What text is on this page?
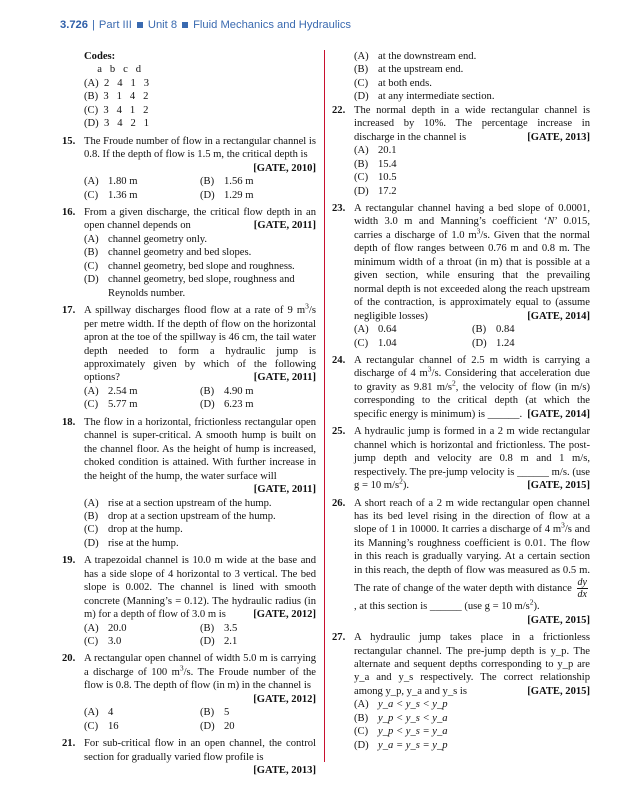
3.726 | Part III Unit 8 Fluid Mechanics and Hydraulics
Codes:
a   b   c   d
(A)  2   4   1   3
(B)  3   1   4   2
(C)  3   4   1   2
(D)  3   4   2   1
15. The Froude number of flow in a rectangular channel is 0.8. If the depth of flow is 1.5 m, the critical depth is
[GATE, 2010]
(A) 1.80 m	(B) 1.56 m
(C) 1.36 m	(D) 1.29 m
16. From a given discharge, the critical flow depth in an open channel depends on	[GATE, 2011]
(A) channel geometry only.
(B) channel geometry and bed slopes.
(C) channel geometry, bed slope and roughness.
(D) channel geometry, bed slope, roughness and
Reynolds number.
17. A spillway discharges flood flow at a rate of 9 $m^3/s$ per metre width. If the depth of flow on the horizontal apron at the toe of the spillway is 46 cm, the tail water depth needed to form a hydraulic jump is approximately given by which of the following options?	[GATE, 2011]
(A) 2.54 m	(B) 4.90 m
(C) 5.77 m	(D) 6.23 m
18. The flow in a horizontal, frictionless rectangular open channel is super-critical. A smooth hump is built on the channel floor. As the height of hump is increased, choked condition is attained. With further increase in the height of the hump, the water surface will
[GATE, 2011]
(A) rise at a section upstream of the hump.
(B) drop at a section upstream of the hump.
(C) drop at the hump.
(D) rise at the hump.
19. A trapezoidal channel is 10.0 m wide at the base and has a side slope of 4 horizontal to 3 vertical. The bed slope is 0.002. The channel is lined with smooth concrete (Manning’s = 0.12). The hydraulic radius (in m) for a depth of flow of 3.0 m is	[GATE, 2012]
(A) 20.0	(B) 3.5
(C) 3.0	(D) 2.1
20. A rectangular open channel of width 5.0 m is carrying a discharge of 100 $m^3/s$. The Froude number of the flow is 0.8. The depth of flow (in m) in the channel is
[GATE, 2012]
(A) 4	(B) 5
(C) 16	(D) 20
21. For sub-critical flow in an open channel, the control section for gradually varied flow profile is
[GATE, 2013]
(A) at the downstream end.
(B) at the upstream end.
(C) at both ends.
(D) at any intermediate section.
22. The normal depth in a wide rectangular channel is increased by 10%. The percentage increase in discharge in the channel is	[GATE, 2013]
(A) 20.1
(B) 15.4
(C) 10.5
(D) 17.2
23. A rectangular channel having a bed slope of 0.0001, width 3.0 m and Manning’s coefficient ‘N’ 0.015, carries a discharge of 1.0 $m^3/s$. Given that the normal depth of flow ranges between 0.76 m and 0.8 m. The minimum width of a throat (in m) that is possible at a given section, while ensuring that the prevailing normal depth is not exceeded along the reach upstream of the contraction, is approximately equal to (assume negligible losses)	[GATE, 2014]
(A) 0.64	(B) 0.84
(C) 1.04	(D) 1.24
24. A rectangular channel of 2.5 m width is carrying a discharge of 4 $m^3/s$. Considering that acceleration due to gravity as 9.81 $m/s^2$, the velocity of flow (in m/s) corresponding to the critical depth (at which the specific energy is minimum) is ______. [GATE, 2014]
25. A hydraulic jump is formed in a 2 m wide rectangular channel which is horizontal and frictionless. The post-jump depth and velocity are 0.8 m and 1 m/s, respectively. The pre-jump velocity is ______ m/s. (use g = 10 $m/s^2$).	[GATE, 2015]
26. A short reach of a 2 m wide rectangular open channel has its bed level rising in the direction of flow at a slope of 1 in 10000. It carries a discharge of 4 $m^3/s$ and its Manning’s roughness coefficient is 0.01. The flow in this reach is gradually varying. At a certain section in this reach, the depth of flow was measured as 0.5 m. The rate of change of the water depth with distance $\frac{dy}{dx}$
, at this section is ______ (use g = 10 $m/s^2$).
[GATE, 2015]
27. A hydraulic jump takes place in a frictionless rectangular channel. The pre-jump depth is y_p. The alternate and sequent depths corresponding to y_p are y_a and y_s respectively. The correct relationship among y_p, y_a and y_s is	[GATE, 2015]
(A) y_a < y_s < y_p
(B) y_p < y_s < y_a
(C) y_p < y_s = y_a
(D) y_a = y_s = y_p
